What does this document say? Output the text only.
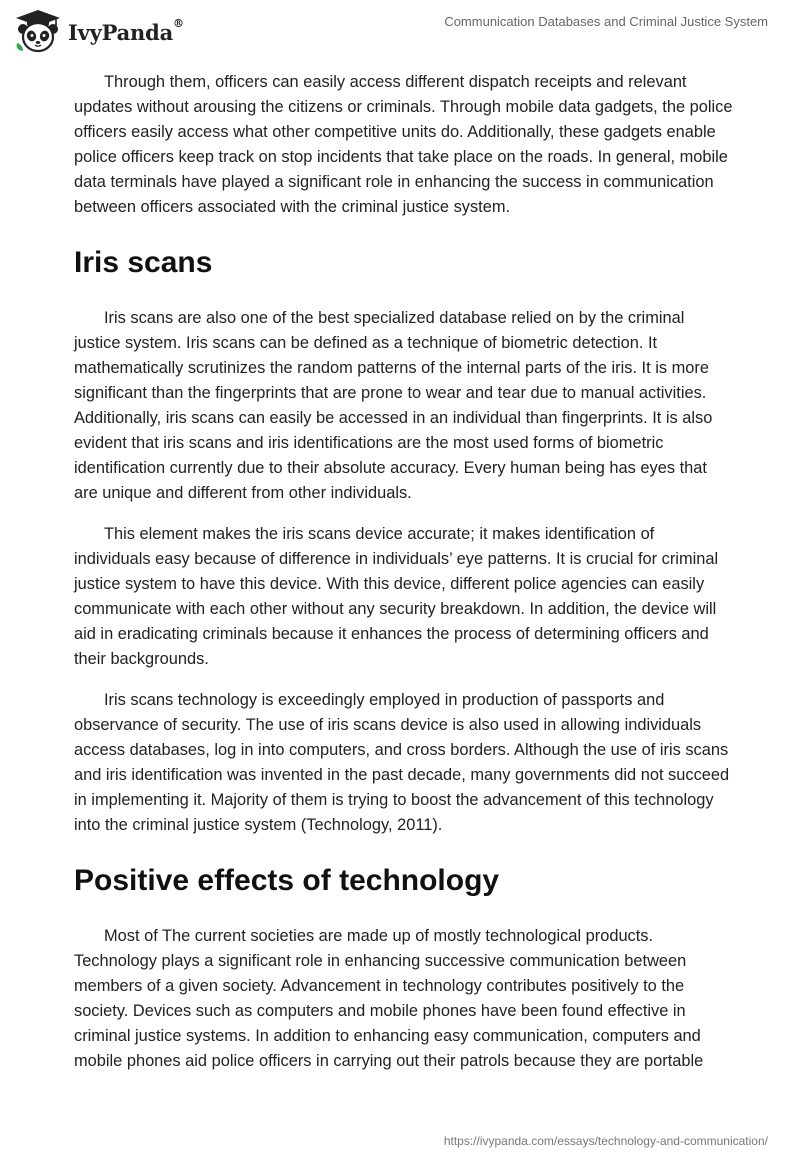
IvyPanda®	Communication Databases and Criminal Justice System

Through them, officers can easily access different dispatch receipts and relevant updates without arousing the citizens or criminals. Through mobile data gadgets, the police officers easily access what other competitive units do. Additionally, these gadgets enable police officers keep track on stop incidents that take place on the roads. In general, mobile data terminals have played a significant role in enhancing the success in communication between officers associated with the criminal justice system.

Iris scans

Iris scans are also one of the best specialized database relied on by the criminal justice system. Iris scans can be defined as a technique of biometric detection. It mathematically scrutinizes the random patterns of the internal parts of the iris. It is more significant than the fingerprints that are prone to wear and tear due to manual activities. Additionally, iris scans can easily be accessed in an individual than fingerprints. It is also evident that iris scans and iris identifications are the most used forms of biometric identification currently due to their absolute accuracy. Every human being has eyes that are unique and different from other individuals.

This element makes the iris scans device accurate; it makes identification of individuals easy because of difference in individuals’ eye patterns. It is crucial for criminal justice system to have this device. With this device, different police agencies can easily communicate with each other without any security breakdown. In addition, the device will aid in eradicating criminals because it enhances the process of determining officers and their backgrounds.

Iris scans technology is exceedingly employed in production of passports and observance of security. The use of iris scans device is also used in allowing individuals access databases, log in into computers, and cross borders. Although the use of iris scans and iris identification was invented in the past decade, many governments did not succeed in implementing it. Majority of them is trying to boost the advancement of this technology into the criminal justice system (Technology, 2011).

Positive effects of technology

Most of The current societies are made up of mostly technological products. Technology plays a significant role in enhancing successive communication between members of a given society. Advancement in technology contributes positively to the society. Devices such as computers and mobile phones have been found effective in criminal justice systems. In addition to enhancing easy communication, computers and mobile phones aid police officers in carrying out their patrols because they are portable

https://ivypanda.com/essays/technology-and-communication/
